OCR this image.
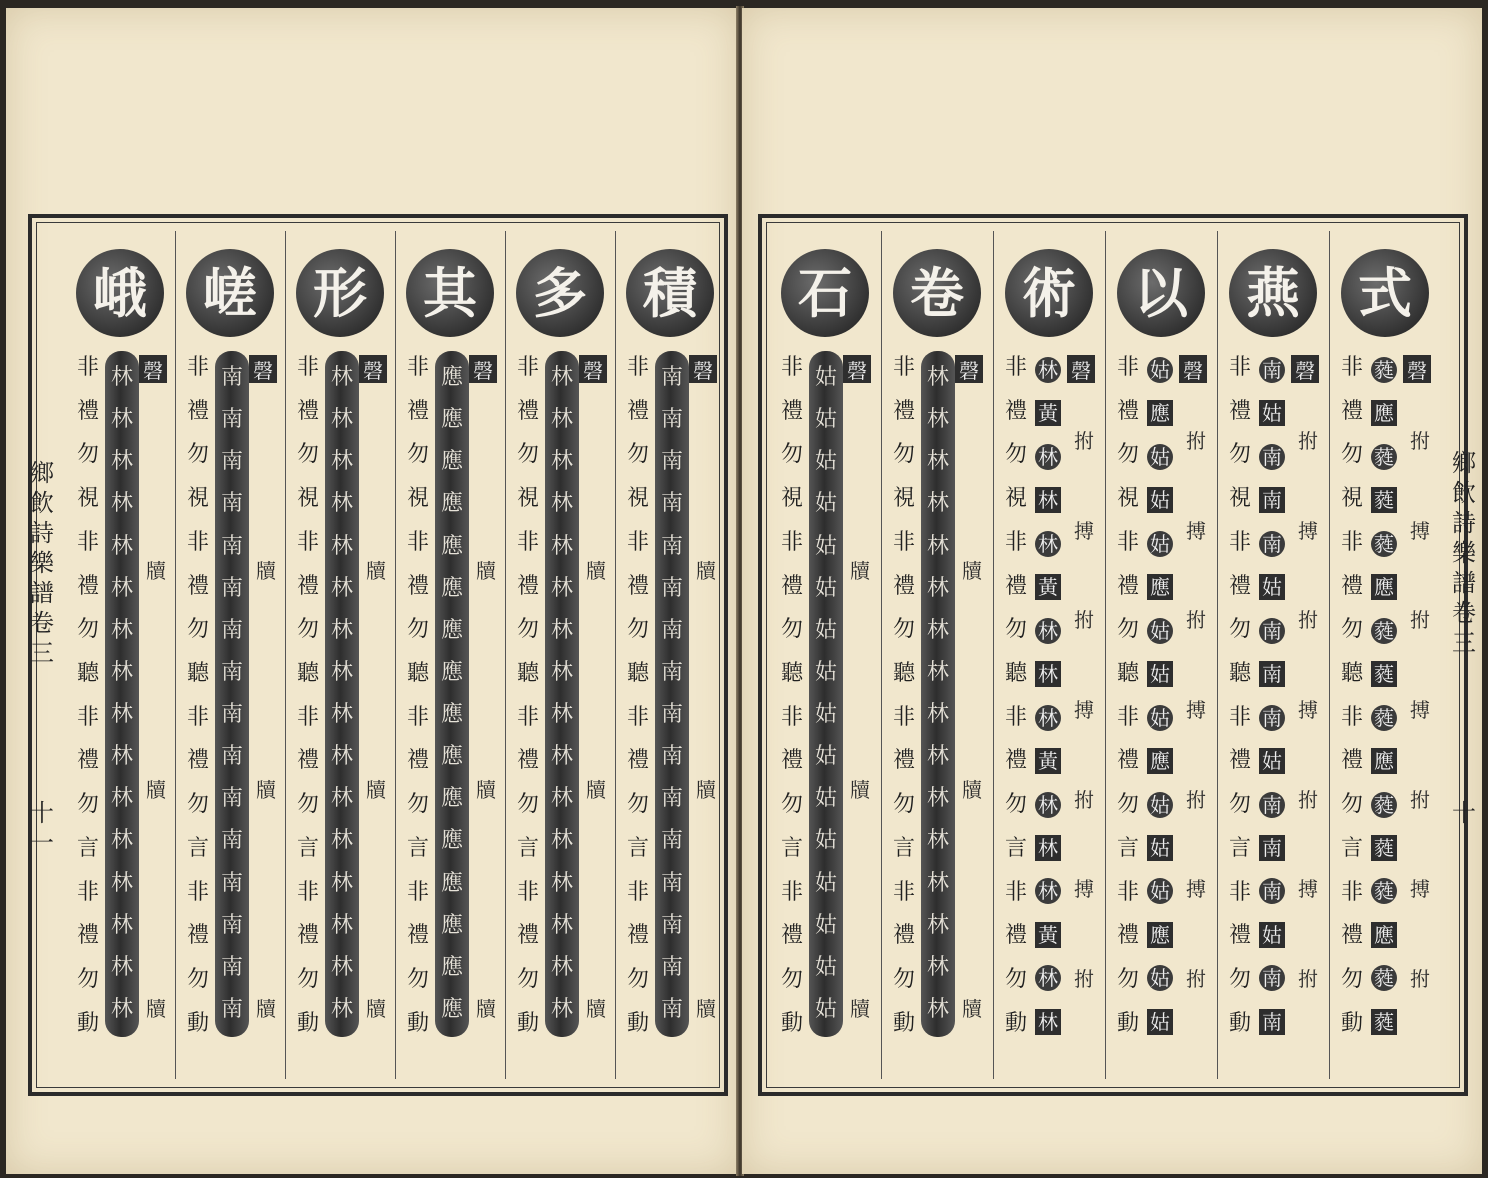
峨
非
禮
勿
視
非
禮
勿
聽
非
禮
勿
言
非
禮
勿
動
磬
林
林
林
林
林
林
林
林
林
林
林
林
林
林
林
林
牘
牘
牘
嵯
非
禮
勿
視
非
禮
勿
聽
非
禮
勿
言
非
禮
勿
動
磬
南
南
南
南
南
南
南
南
南
南
南
南
南
南
南
南
牘
牘
牘
形
非
禮
勿
視
非
禮
勿
聽
非
禮
勿
言
非
禮
勿
動
磬
林
林
林
林
林
林
林
林
林
林
林
林
林
林
林
林
牘
牘
牘
其
非
禮
勿
視
非
禮
勿
聽
非
禮
勿
言
非
禮
勿
動
磬
應
應
應
應
應
應
應
應
應
應
應
應
應
應
應
應
牘
牘
牘
多
非
禮
勿
視
非
禮
勿
聽
非
禮
勿
言
非
禮
勿
動
磬
林
林
林
林
林
林
林
林
林
林
林
林
林
林
林
林
牘
牘
牘
積
非
禮
勿
視
非
禮
勿
聽
非
禮
勿
言
非
禮
勿
動
磬
南
南
南
南
南
南
南
南
南
南
南
南
南
南
南
南
牘
牘
牘
鄉
飲
詩
樂
譜
卷
三
十一
石
非
禮
勿
視
非
禮
勿
聽
非
禮
勿
言
非
禮
勿
動
磬
姑
姑
姑
姑
姑
姑
姑
姑
姑
姑
姑
姑
姑
姑
姑
姑
牘
牘
牘
卷
非
禮
勿
視
非
禮
勿
聽
非
禮
勿
言
非
禮
勿
動
磬
林
林
林
林
林
林
林
林
林
林
林
林
林
林
林
林
牘
牘
牘
術
非
禮
勿
視
非
禮
勿
聽
非
禮
勿
言
非
禮
勿
動
磬
林
黃
林
林
林
黃
林
林
林
黃
林
林
林
黃
林
林
拊
搏
拊
搏
拊
搏
拊
以
非
禮
勿
視
非
禮
勿
聽
非
禮
勿
言
非
禮
勿
動
磬
姑
應
姑
姑
姑
應
姑
姑
姑
應
姑
姑
姑
應
姑
姑
拊
搏
拊
搏
拊
搏
拊
燕
非
禮
勿
視
非
禮
勿
聽
非
禮
勿
言
非
禮
勿
動
磬
南
姑
南
南
南
姑
南
南
南
姑
南
南
南
姑
南
南
拊
搏
拊
搏
拊
搏
拊
式
非
禮
勿
視
非
禮
勿
聽
非
禮
勿
言
非
禮
勿
動
磬
蕤
應
蕤
蕤
蕤
應
蕤
蕤
蕤
應
蕤
蕤
蕤
應
蕤
蕤
拊
搏
拊
搏
拊
搏
拊
鄉
飲
詩
樂
譜
卷
三
十
